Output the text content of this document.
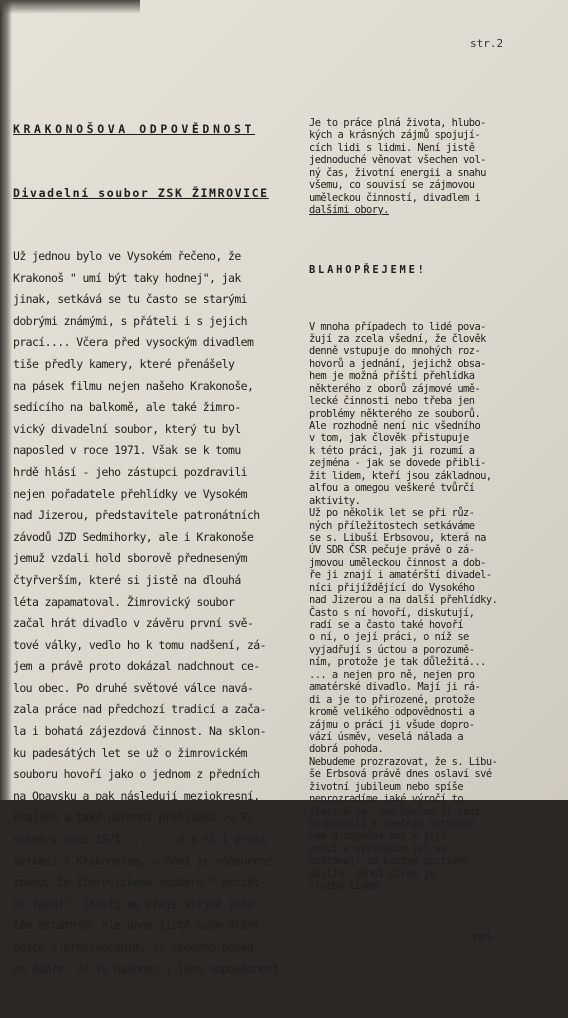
str.2

KRAKONOŠOVA ODPOVĚDNOST

Divadelní soubor ZSK ŽIMROVICE

Už jednou bylo ve Vysokém řečeno, že
Krakonoš " umí být taky hodnej", jak
jinak, setkává se tu často se starými
dobrými známými, s přáteli i s jejich
prací.... Včera před vysockým divadlem
tiše předly kamery, které přenášely
na pásek filmu nejen našeho Krakonoše,
sedícího na balkomě, ale také žimro-
vický divadelní soubor, který tu byl
naposled v roce 1971. Však se k tomu
hrdě hlásí - jeho zástupci pozdravili
nejen pořadatele přehlídky ve Vysokém
nad Jizerou, představitele patronátních
závodů JZD Sedmihorky, ale i Krakonoše
jemuž vzdali hold sborově předneseným
čtyřverším, které si jistě na dlouhá
léta zapamatoval. Žimrovický soubor
začal hrát divadlo v závěru první svě-
tové války, vedlo ho k tomu nadšení, zá-
jem a právě proto dokázal nadchnout ce-
lou obec. Po druhé světové válce navá-
zala práce nad předchozí tradicí a zača-
la i bohatá zájezdová činnost. Na sklon-
ku padesátých let se už o žimrovickém
souboru hovoří jako o jednom z předních
na Opavsku a pak následují meziokresní,
krajské a také národní přehlídka ve Vy-
sokém v roce 1971 ....... a s ní i první
setkání s Krakonošem, o němž je všeobecně
známo, že žimrovickému souboru " nezišt-
ně fandí". Štěstí mu přeje stejně jako
těm ostatním, ale dnes jistě bude držet
palce s přesvědčením, že všechno dopad-
ne dobře. Je to nakonec i jeho odpovědnost.

Je to práce plná života, hlubo-
kých a krásných zájmů spojují-
cích lidi s lidmi. Není jistě
jednoduché věnovat všechen vol-
ný čas, životní energii a snahu
všemu, co souvisí se zájmovou
uměleckou činností, divadlem i
dalšími obory.

BLAHOPŘEJEME!

V mnoha případech to lidé pova-
žují za zcela všední, že člověk
denně vstupuje do mnohých roz-
hovorů a jednání, jejichž obsa-
hem je možná příští přehlídka
některého z oborů zájmové umě-
lecké činnosti nebo třeba jen
problémy některého ze souborů.
Ale rozhodně není nic všedního
v tom, jak člověk přistupuje
k této práci, jak ji rozumí a
zejména - jak se dovede přibli-
žit lidem, kteří jsou základnou,
alfou a omegou veškeré tvůrčí
aktivity.
Už po několik let se při růz-
ných příležitostech setkáváme
se s. Libuší Erbsovou, která na
ÚV SDR ČSR pečuje právě o zá-
jmovou uměleckou činnost a dob-
ře ji znají i amatérští divadel-
níci přijíždějící do Vysokého
nad Jizerou a na další přehlídky.
Často s ní hovoří, diskutují,
radí se a často také hovoří
o ní, o její práci, o níž se
vyjadřují s úctou a porozumě-
ním, protože je tak důležitá...
... a nejen pro ně, nejen pro
amatérské divadlo. Mají ji rá-
di a je to přirozené, protože
kromě velikého odpovědnosti a
zájmu o práci ji všude dopro-
vází úsměv, veselá nálada a
dobrá pohoda.
Nebudeme prozrazovat, že s. Libu-
še Erbsová právě dnes oslaví své
životní jubileum nebo spíše
neprozradíme jaké výročí to
vlastně je. Jen bychom jí rádi
blahopřáli k dnešním narození-
nám a zejména pak k její
práci a výsledkům jež se
dostavují za každým poctivým
úsilím, jehož cílem je
služba lidem.

-red-
